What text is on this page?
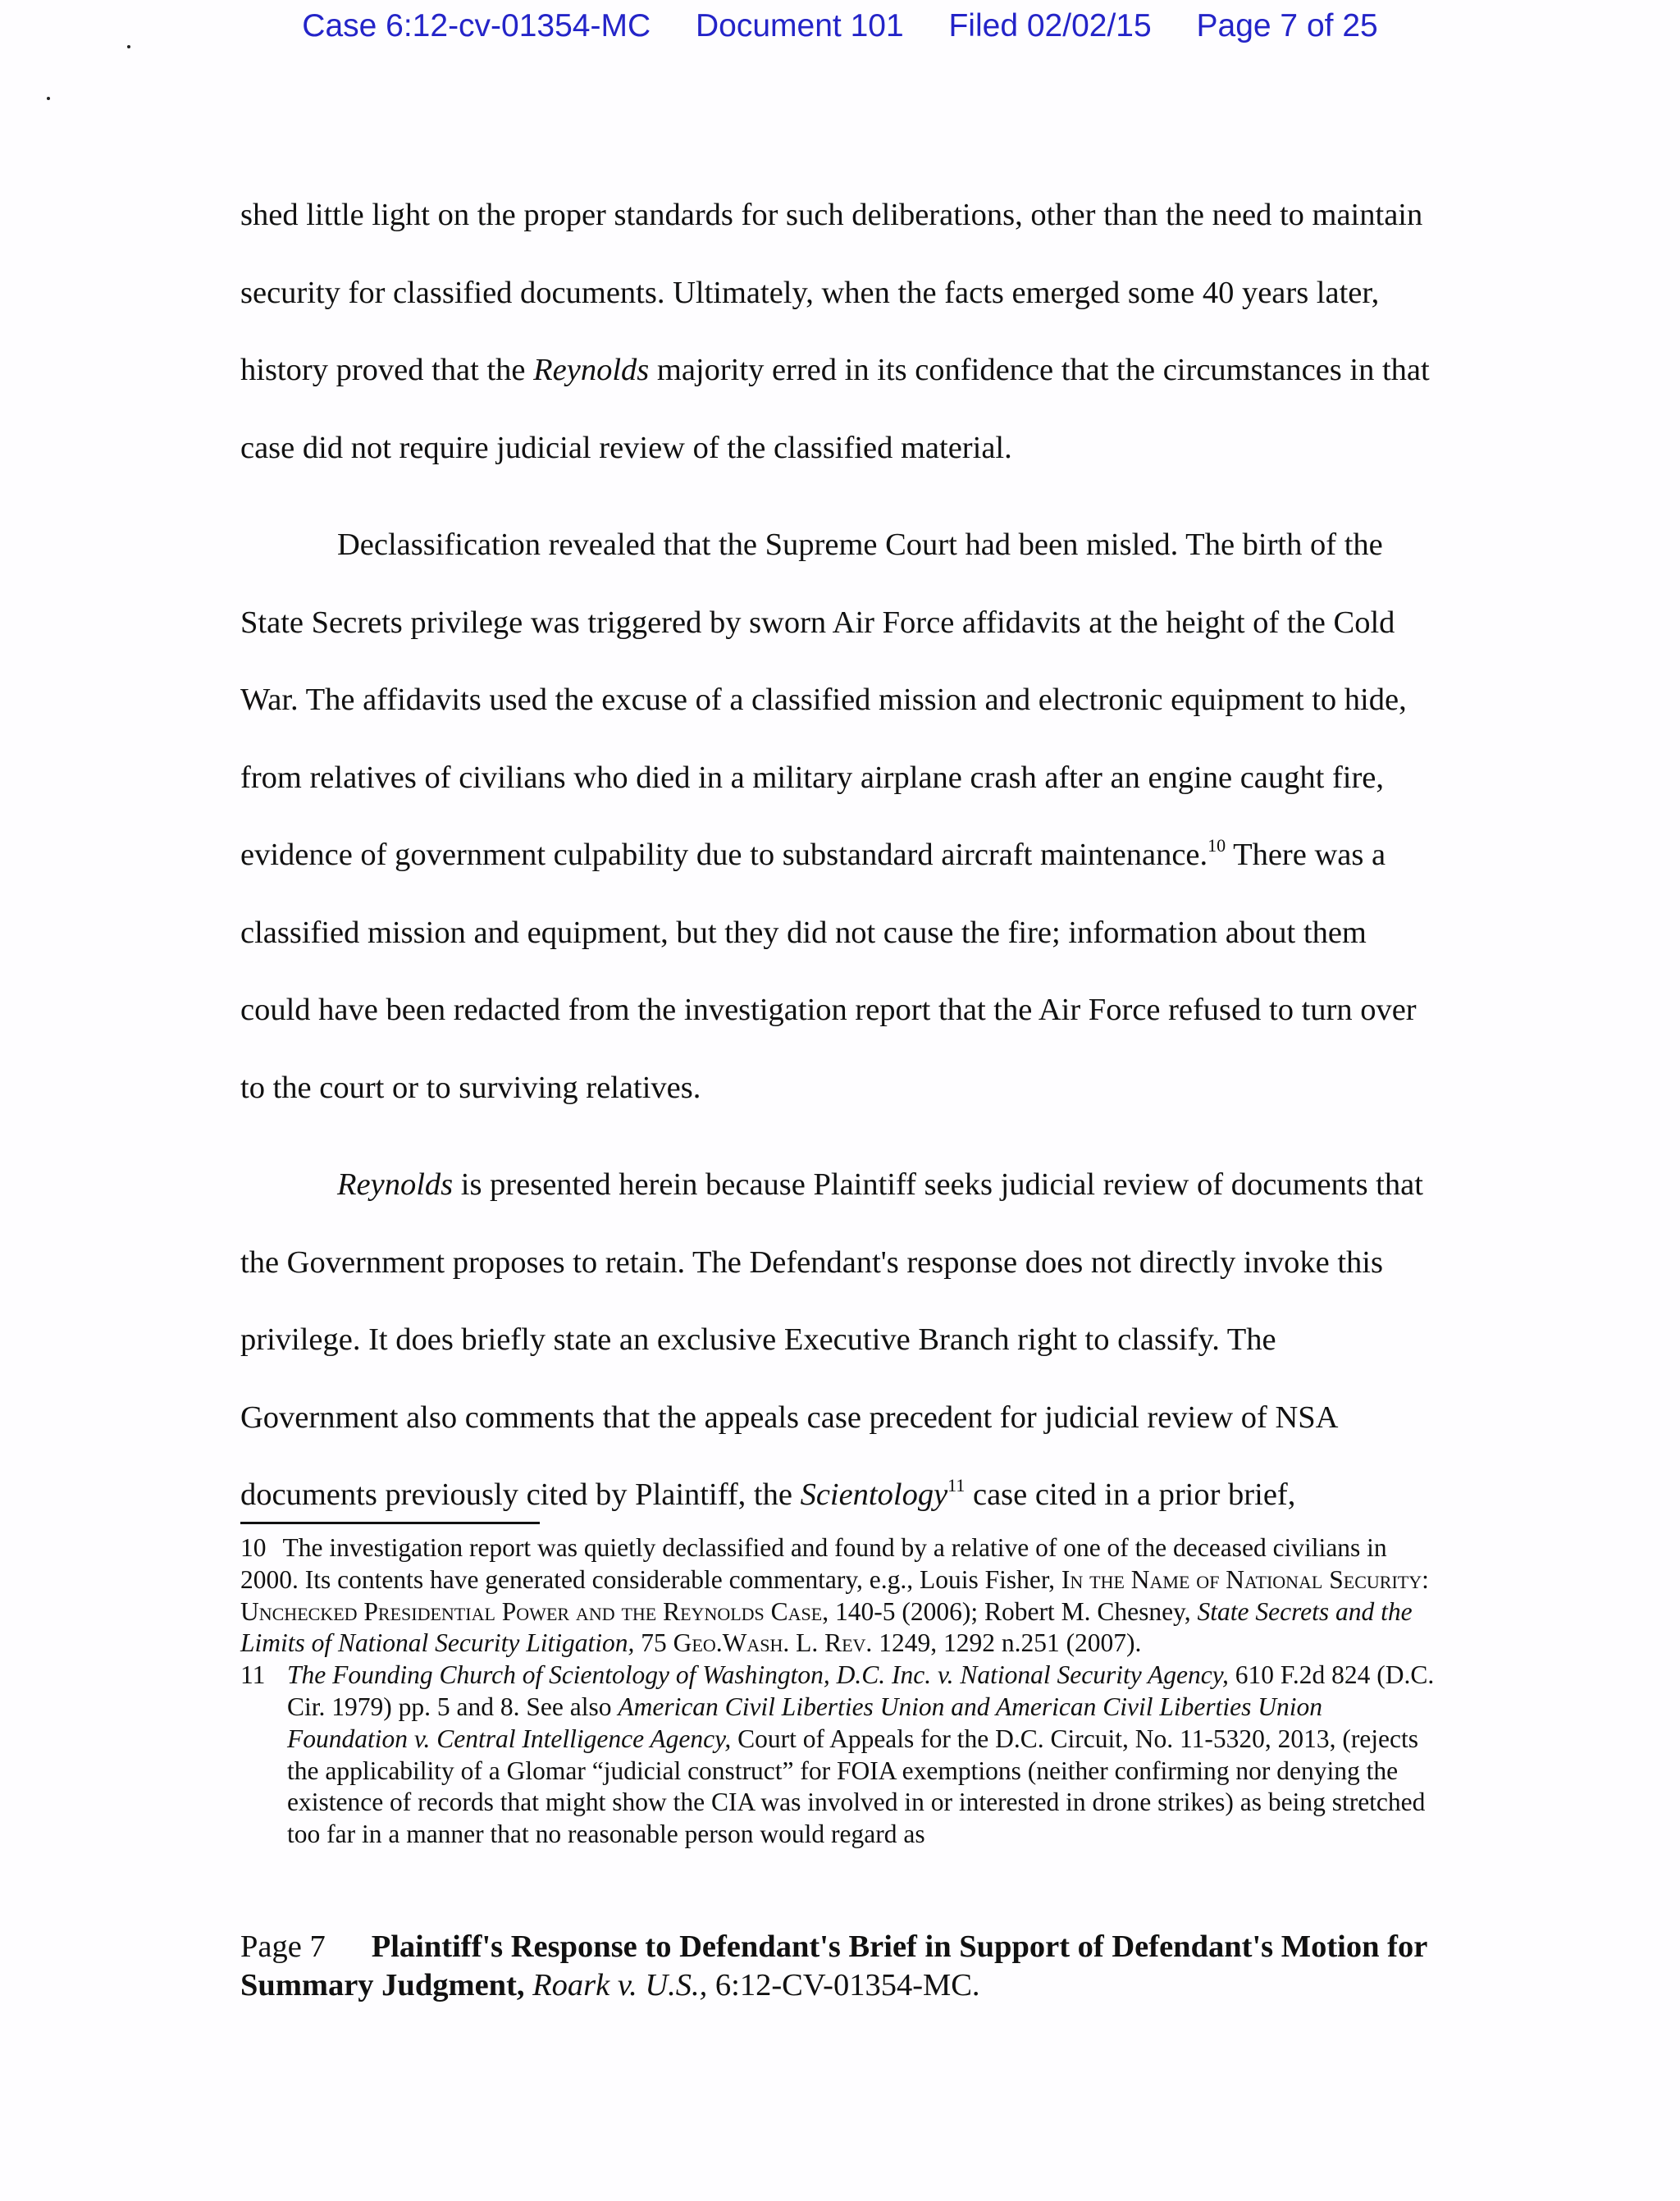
Case 6:12-cv-01354-MC Document 101 Filed 02/02/15 Page 7 of 25

shed little light on the proper standards for such deliberations, other than the need to maintain security for classified documents. Ultimately, when the facts emerged some 40 years later, history proved that the Reynolds majority erred in its confidence that the circumstances in that case did not require judicial review of the classified material.

Declassification revealed that the Supreme Court had been misled. The birth of the State Secrets privilege was triggered by sworn Air Force affidavits at the height of the Cold War. The affidavits used the excuse of a classified mission and electronic equipment to hide, from relatives of civilians who died in a military airplane crash after an engine caught fire, evidence of government culpability due to substandard aircraft maintenance.$^{10}$ There was a classified mission and equipment, but they did not cause the fire; information about them could have been redacted from the investigation report that the Air Force refused to turn over to the court or to surviving relatives.

Reynolds is presented herein because Plaintiff seeks judicial review of documents that the Government proposes to retain. The Defendant's response does not directly invoke this privilege. It does briefly state an exclusive Executive Branch right to classify. The Government also comments that the appeals case precedent for judicial review of NSA documents previously cited by Plaintiff, the Scientology$^{11}$ case cited in a prior brief,

10 The investigation report was quietly declassified and found by a relative of one of the deceased civilians in 2000. Its contents have generated considerable commentary, e.g., Louis Fisher, In the Name of National Security: Unchecked Presidential Power and the Reynolds Case, 140-5 (2006); Robert M. Chesney, State Secrets and the Limits of National Security Litigation, 75 Geo.Wash. L. Rev. 1249, 1292 n.251 (2007).

11 The Founding Church of Scientology of Washington, D.C. Inc. v. National Security Agency, 610 F.2d 824 (D.C. Cir. 1979) pp. 5 and 8. See also American Civil Liberties Union and American Civil Liberties Union Foundation v. Central Intelligence Agency, Court of Appeals for the D.C. Circuit, No. 11-5320, 2013, (rejects the applicability of a Glomar “judicial construct” for FOIA exemptions (neither confirming nor denying the existence of records that might show the CIA was involved in or interested in drone strikes) as being stretched too far in a manner that no reasonable person would regard as

Page 7 Plaintiff's Response to Defendant's Brief in Support of Defendant's Motion for Summary Judgment, Roark v. U.S., 6:12-CV-01354-MC.
